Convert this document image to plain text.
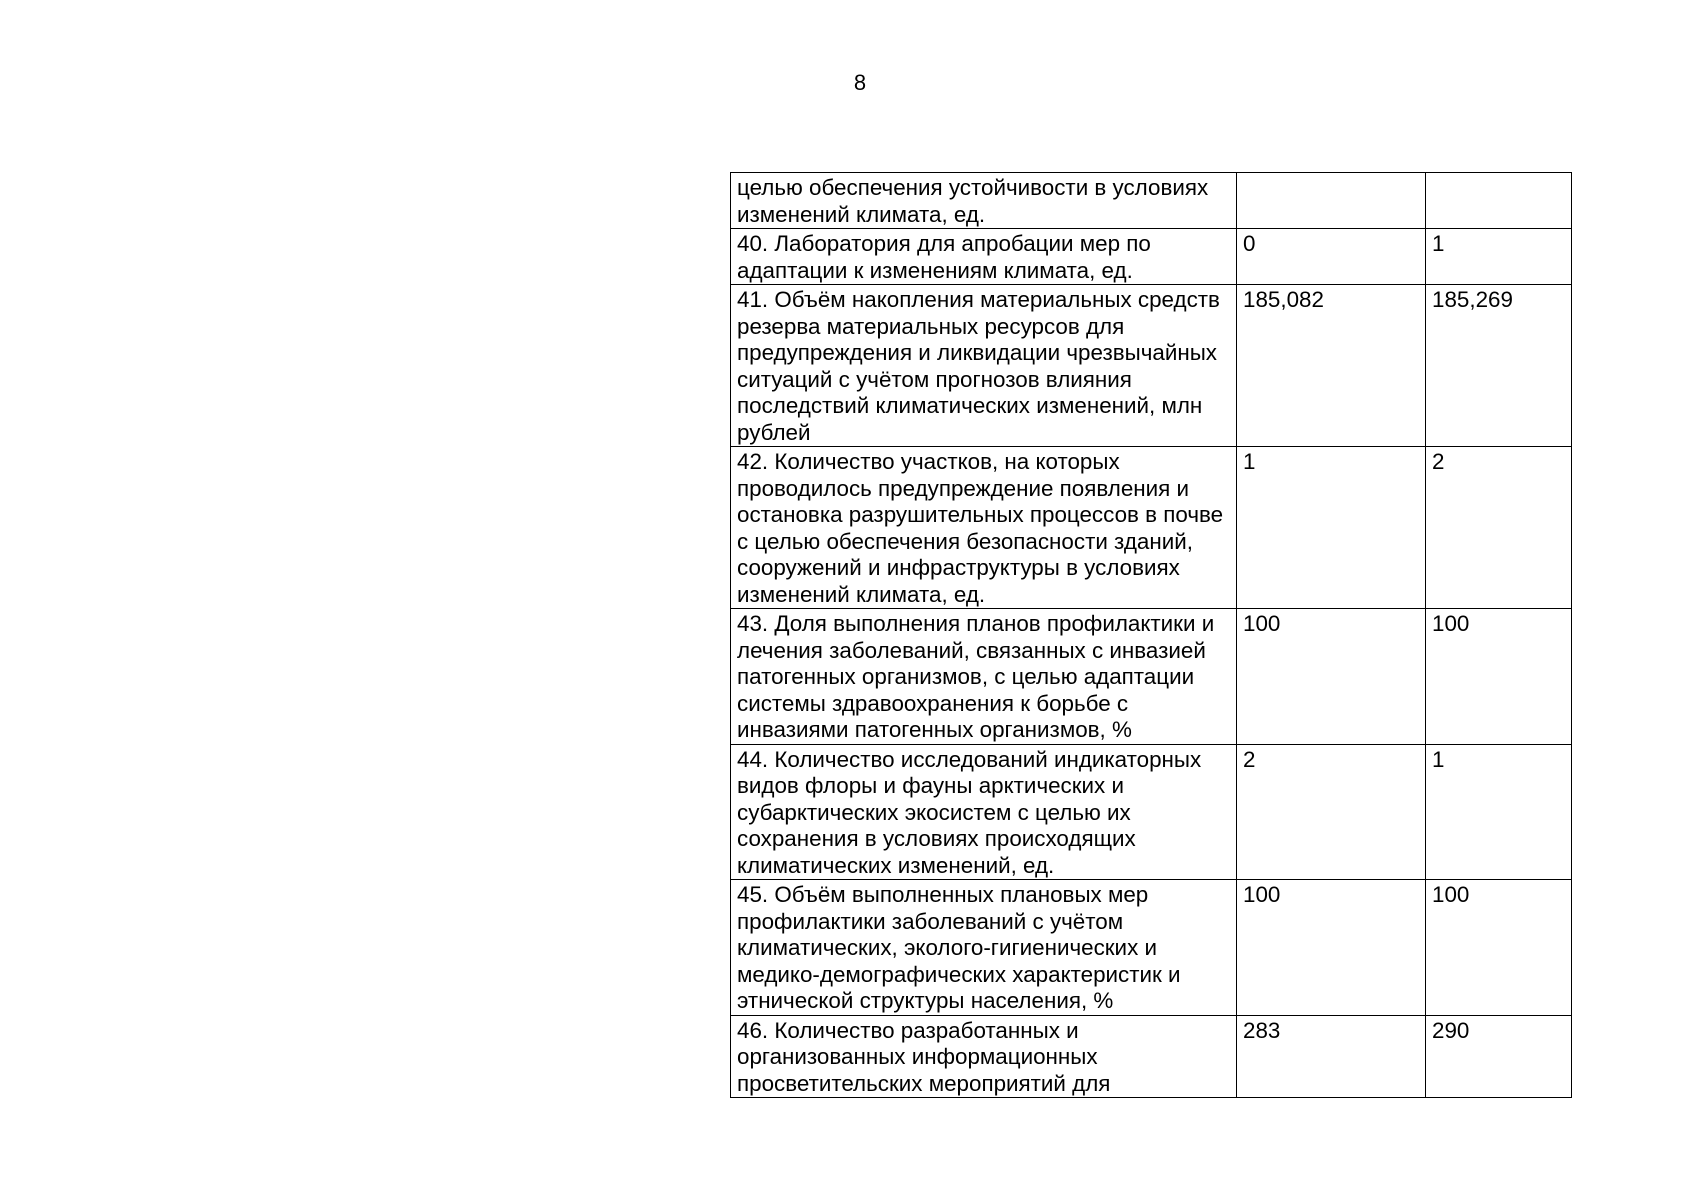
8
целью обеспечения устойчивости в условиях изменений климата, ед.		
40. Лаборатория для апробации мер по адаптации к изменениям климата, ед.	0	1
41. Объём накопления материальных средств резерва материальных ресурсов для предупреждения и ликвидации чрезвычайных ситуаций с учётом прогнозов влияния последствий климатических изменений, млн рублей	185,082	185,269
42. Количество участков, на которых проводилось предупреждение появления и остановка разрушительных процессов в почве с целью обеспечения безопасности зданий, сооружений и инфраструктуры в условиях изменений климата, ед.	1	2
43. Доля выполнения планов профилактики и лечения заболеваний, связанных с инвазией патогенных организмов, с целью адаптации системы здравоохранения к борьбе с инвазиями патогенных организмов, %	100	100
44. Количество исследований индикаторных видов флоры и фауны арктических и субарктических экосистем с целью их сохранения в условиях происходящих климатических изменений, ед.	2	1
45. Объём выполненных плановых мер профилактики заболеваний с учётом климатических, эколого-гигиенических и медико-демографических характеристик и этнической структуры населения, %	100	100
46. Количество разработанных и организованных информационных просветительских мероприятий для	283	290
